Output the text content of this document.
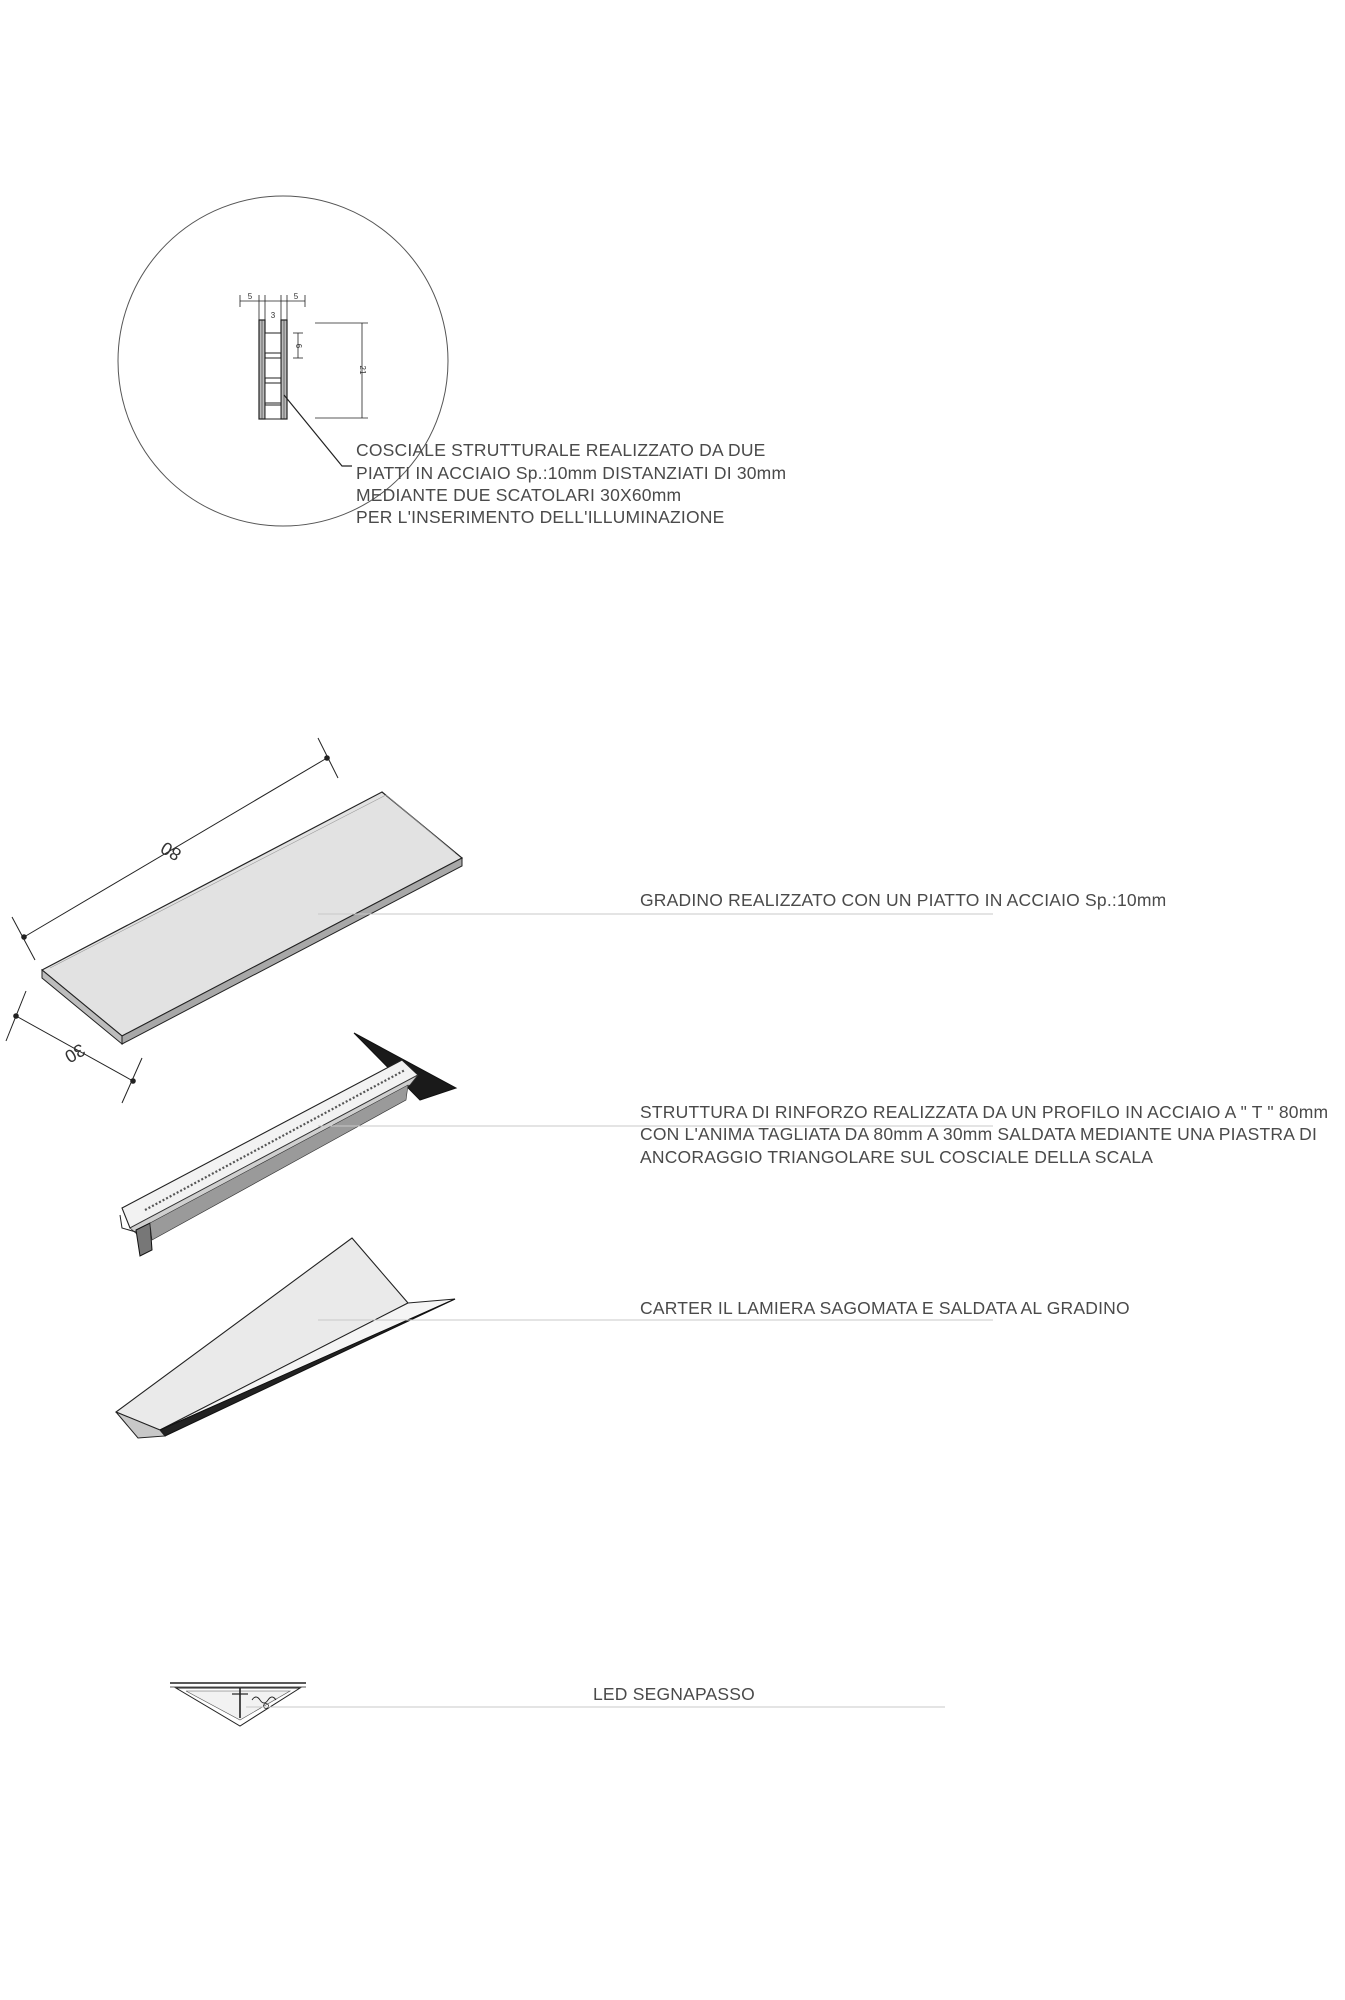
5
3
5
6
21
COSCIALE STRUTTURALE REALIZZATO DA DUE PIATTI IN ACCIAIO Sp.:10mm DISTANZIATI DI 30mm MEDIANTE DUE SCATOLARI 30X60mm PER L'INSERIMENTO DELL'ILLUMINAZIONE
80
30
GRADINO REALIZZATO CON UN PIATTO IN ACCIAIO Sp.:10mm
STRUTTURA DI RINFORZO REALIZZATA DA UN PROFILO IN ACCIAIO A " T " 80mm CON L'ANIMA TAGLIATA DA 80mm A 30mm SALDATA MEDIANTE UNA PIASTRA DI ANCORAGGIO TRIANGOLARE SUL COSCIALE DELLA SCALA
CARTER IL LAMIERA SAGOMATA E SALDATA AL GRADINO
LED SEGNAPASSO
